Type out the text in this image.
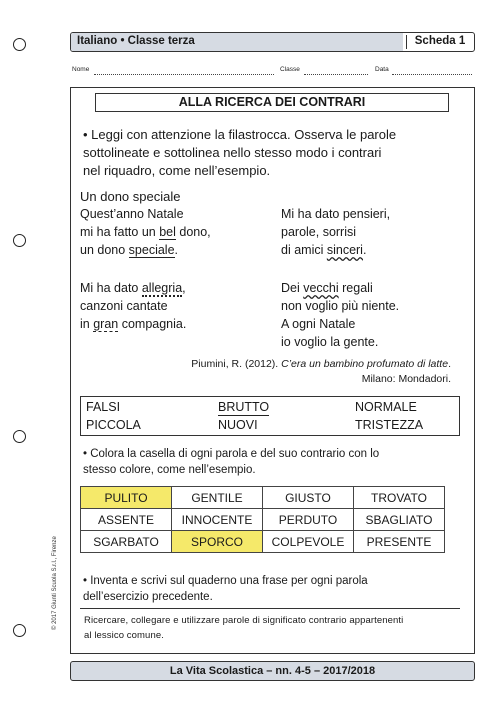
Italiano • Classe terza	Scheda 1
Nome	Classe	Data
ALLA RICERCA DEI CONTRARI
• Leggi con attenzione la filastrocca. Osserva le parole
sottolineate e sottolinea nello stesso modo i contrari
nel riquadro, come nell’esempio.
Un dono speciale
Quest’anno Natale
mi ha fatto un bel dono,
un dono speciale.
Mi ha dato allegria,
canzoni cantate
in gran compagnia.
Mi ha dato pensieri,
parole, sorrisi
di amici sinceri.
Dei vecchi regali
non voglio più niente.
A ogni Natale
io voglio la gente.
Piumini, R. (2012). C’era un bambino profumato di latte.
Milano: Mondadori.
FALSI	BRUTTO	NORMALE
PICCOLA	NUOVI	TRISTEZZA
• Colora la casella di ogni parola e del suo contrario con lo
stesso colore, come nell’esempio.
PULITO	GENTILE	GIUSTO	TROVATO
ASSENTE	INNOCENTE	PERDUTO	SBAGLIATO
SGARBATO	SPORCO	COLPEVOLE	PRESENTE
• Inventa e scrivi sul quaderno una frase per ogni parola
dell’esercizio precedente.
Ricercare, collegare e utilizzare parole di significato contrario appartenenti
al lessico comune.
© 2017 Giunti Scuola S.r.l., Firenze
La Vita Scolastica – nn. 4-5 – 2017/2018
